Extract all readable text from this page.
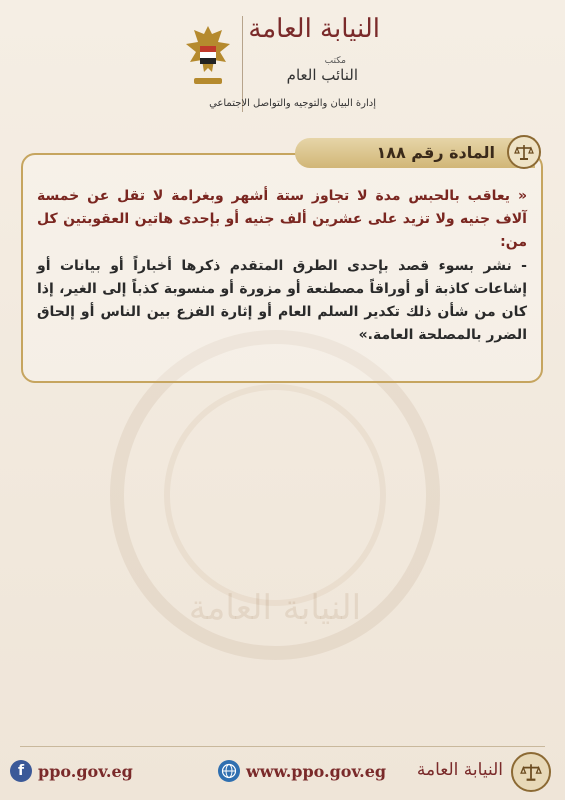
النيابة العامة
النيابة العامة
مكتب
النائب العام
إدارة البيان والتوجيه والتواصل الاجتماعي
« يعاقب بالحبس مدة لا تجاوز ستة أشهر وبغرامة لا تقل عن خمسة آلاف جنيه ولا تزيد على عشرين ألف جنيه أو بإحدى هاتين العقوبتين كل من:
- نشر بسوء قصد بإحدى الطرق المتقدم ذكرها أخباراً أو بيانات أو إشاعات كاذبة أو أوراقاً مصطنعة أو مزورة أو منسوبة كذباً إلى الغير، إذا كان من شأن ذلك تكدير السلم العام أو إثارة الفزع بين الناس أو إلحاق الضرر بالمصلحة العامة.»
المادة رقم ١٨٨
f ppo.gov.eg	www.ppo.gov.eg النيابة العامة
